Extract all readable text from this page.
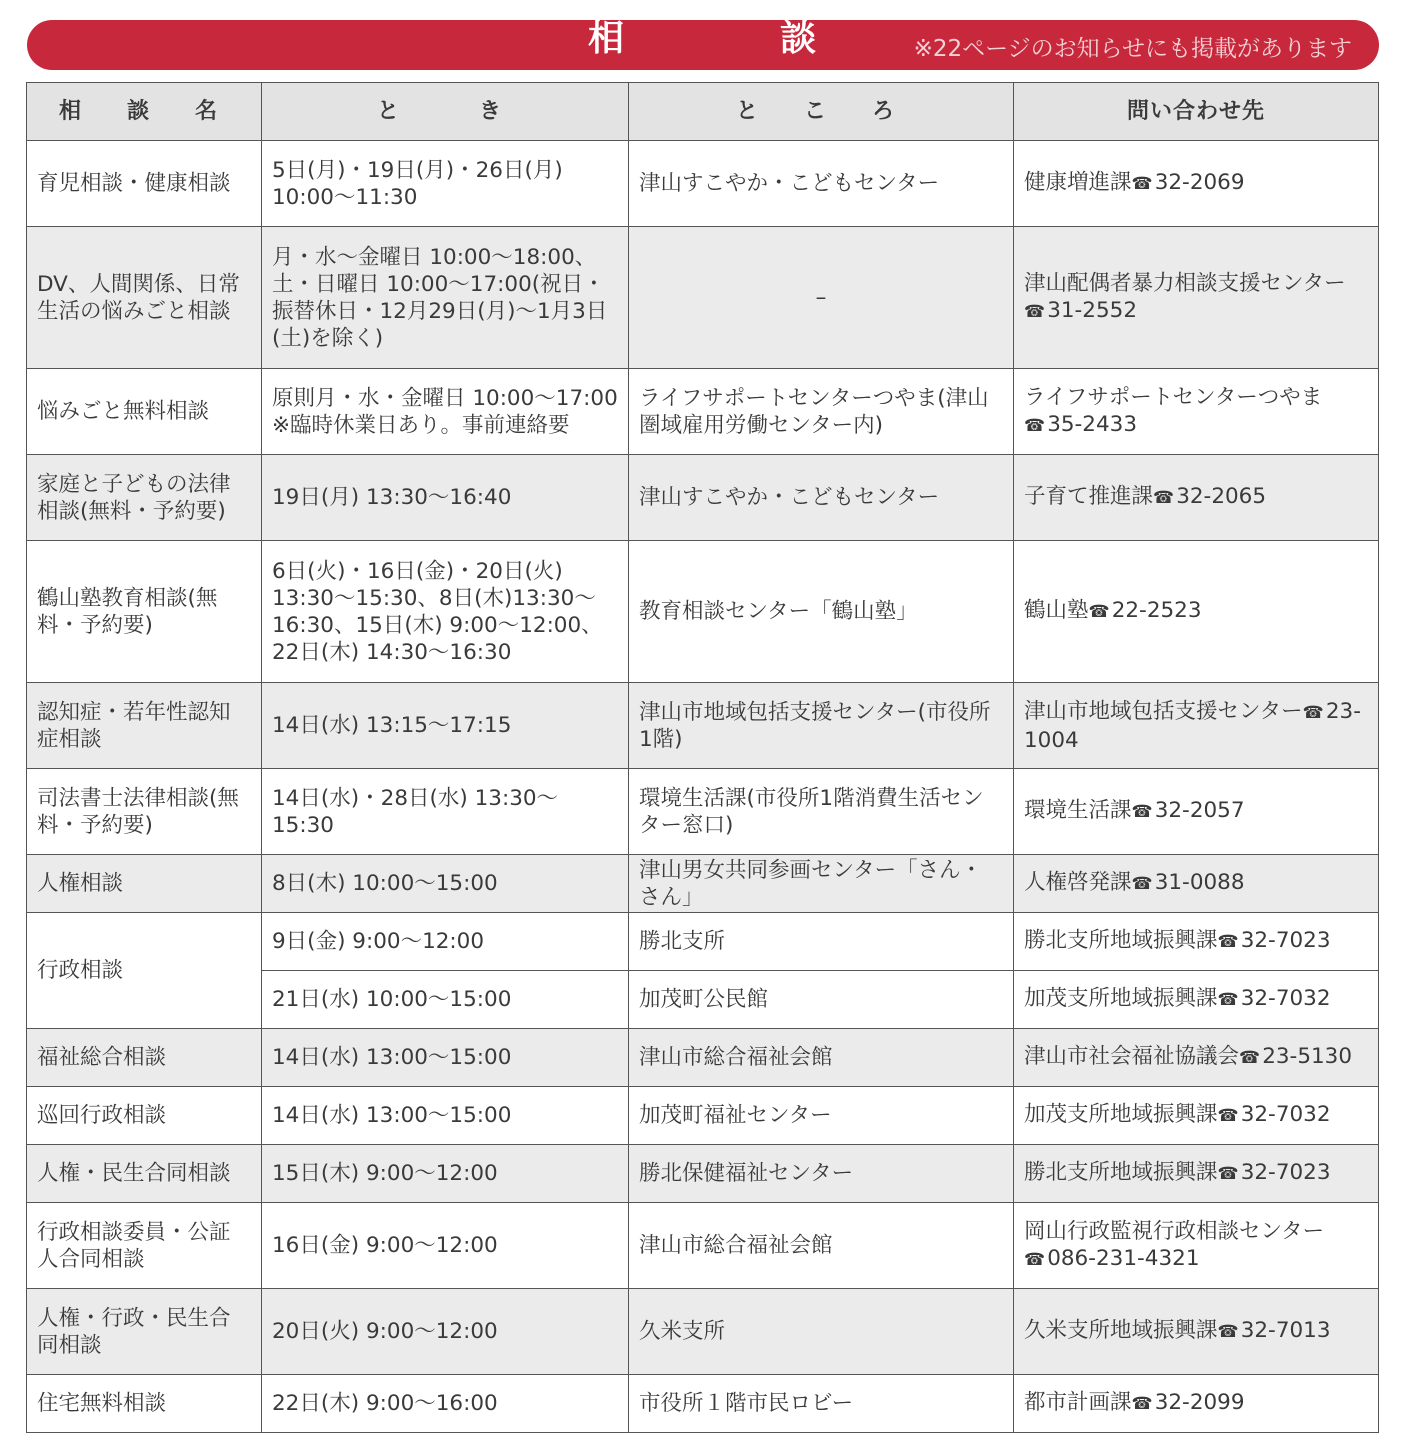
相　談	※22ページのお知らせにも掲載があります
相　談　名	と　　き	と　こ　ろ	問い合わせ先
育児相談・健康相談	5日(月)・19日(月)・26日(月) 10:00〜11:30	津山すこやか・こどもセンター	健康増進課☎32-2069
DV、人間関係、日常生活の悩みごと相談	月・水〜金曜日 10:00〜18:00、土・日曜日 10:00〜17:00(祝日・振替休日・12月29日(月)〜1月3日(土)を除く)	–	津山配偶者暴力相談支援センター☎31-2552
悩みごと無料相談	原則月・水・金曜日 10:00〜17:00 ※臨時休業日あり。事前連絡要	ライフサポートセンターつやま(津山圏域雇用労働センター内)	ライフサポートセンターつやま☎35-2433
家庭と子どもの法律相談(無料・予約要)	19日(月) 13:30〜16:40	津山すこやか・こどもセンター	子育て推進課☎32-2065
鶴山塾教育相談(無料・予約要)	6日(火)・16日(金)・20日(火) 13:30〜15:30、8日(木)13:30〜16:30、15日(木) 9:00〜12:00、22日(木) 14:30〜16:30	教育相談センター「鶴山塾」	鶴山塾☎22-2523
認知症・若年性認知症相談	14日(水) 13:15〜17:15	津山市地域包括支援センター(市役所1階)	津山市地域包括支援センター☎23-1004
司法書士法律相談(無料・予約要)	14日(水)・28日(水) 13:30〜15:30	環境生活課(市役所1階消費生活センター窓口)	環境生活課☎32-2057
人権相談	8日(木) 10:00〜15:00	津山男女共同参画センター「さん・さん」	人権啓発課☎31-0088
行政相談	9日(金) 9:00〜12:00	勝北支所	勝北支所地域振興課☎32-7023
	21日(水) 10:00〜15:00	加茂町公民館	加茂支所地域振興課☎32-7032
福祉総合相談	14日(水) 13:00〜15:00	津山市総合福祉会館	津山市社会福祉協議会☎23-5130
巡回行政相談	14日(水) 13:00〜15:00	加茂町福祉センター	加茂支所地域振興課☎32-7032
人権・民生合同相談	15日(木) 9:00〜12:00	勝北保健福祉センター	勝北支所地域振興課☎32-7023
行政相談委員・公証人合同相談	16日(金) 9:00〜12:00	津山市総合福祉会館	岡山行政監視行政相談センター☎086-231-4321
人権・行政・民生合同相談	20日(火) 9:00〜12:00	久米支所	久米支所地域振興課☎32-7013
住宅無料相談	22日(木) 9:00〜16:00	市役所１階市民ロビー	都市計画課☎32-2099
